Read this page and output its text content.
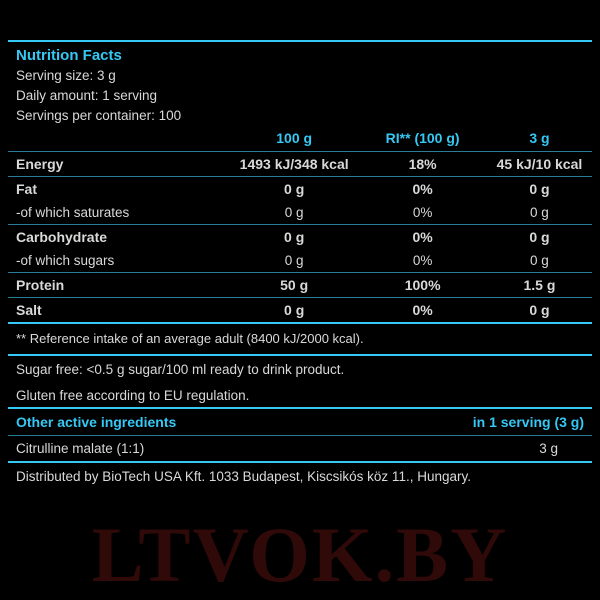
LTVOK.BY
Nutrition Facts
Serving size: 3 g
Daily amount: 1 serving
Servings per container: 100
	100 g	RI** (100 g)	3 g
Energy	1493 kJ/348 kcal	18%	45 kJ/10 kcal
Fat	0 g	0%	0 g
-of which saturates	0 g	0%	0 g
Carbohydrate	0 g	0%	0 g
-of which sugars	0 g	0%	0 g
Protein	50 g	100%	1.5 g
Salt	0 g	0%	0 g
** Reference intake of an average adult (8400 kJ/2000 kcal).
Sugar free: <0.5 g sugar/100 ml ready to drink product.
Gluten free according to EU regulation.
Other active ingredients	in 1 serving (3 g)
Citrulline malate (1:1)	3 g
Distributed by BioTech USA Kft. 1033 Budapest, Kiscsikós köz 11., Hungary.
